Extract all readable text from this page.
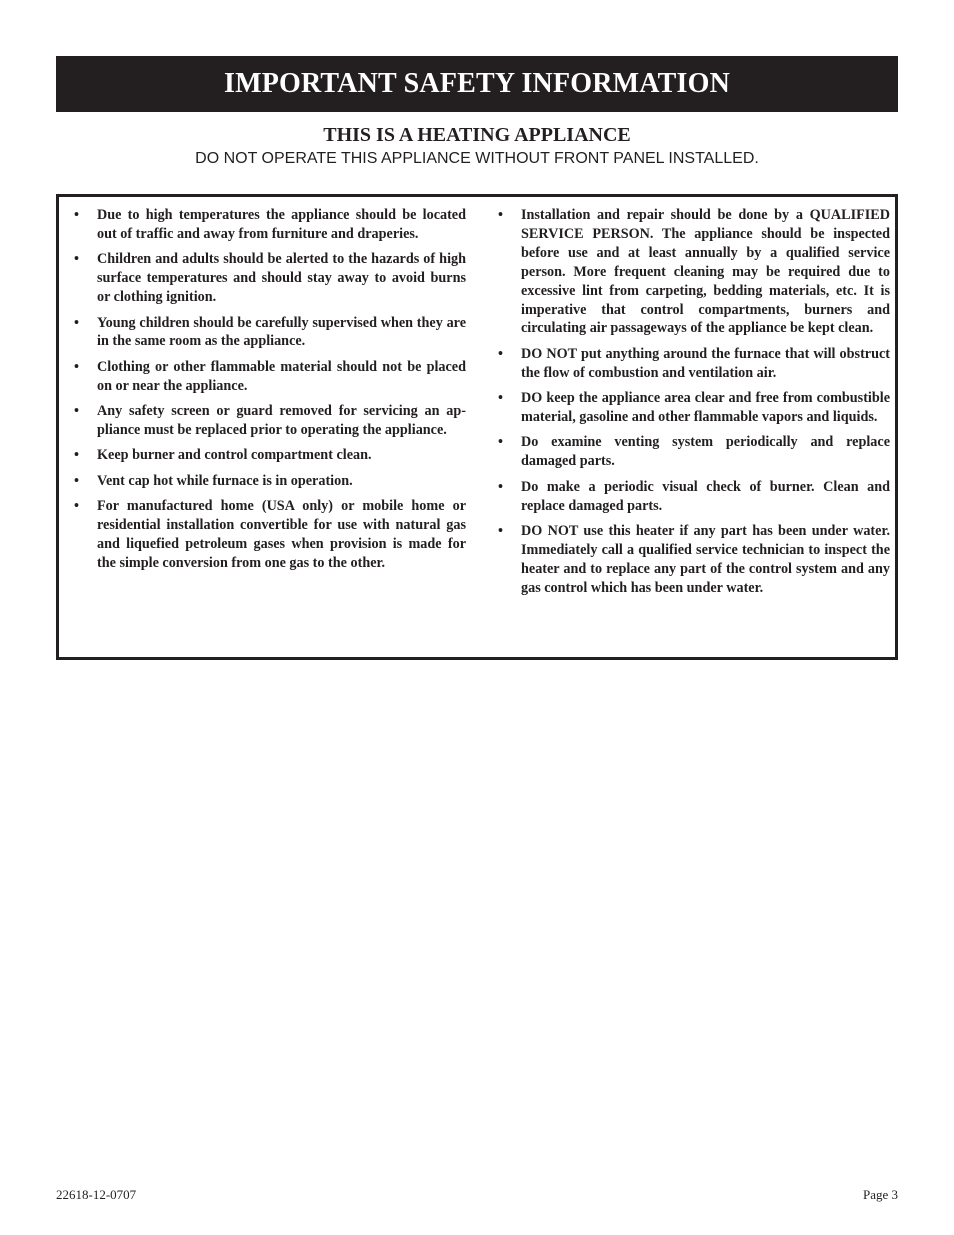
IMPORTANT SAFETY INFORMATION
THIS IS A HEATING APPLIANCE
DO NOT OPERATE THIS APPLIANCE WITHOUT FRONT PANEL INSTALLED.
• Due to high temperatures the appliance should be located out of traffic and away from furniture and draperies.
• Children and adults should be alerted to the hazards of high surface temperatures and should stay away to avoid burns or clothing ignition.
• Young children should be carefully supervised when they are in the same room as the appliance.
• Clothing or other flammable material should not be placed on or near the appliance.
• Any safety screen or guard removed for servicing an appliance must be replaced prior to operating the appliance.
• Keep burner and control compartment clean.
• Vent cap hot while furnace is in operation.
• For manufactured home (USA only) or mobile home or residential installation convertible for use with natural gas and liquefied petroleum gases when provision is made for the simple conversion from one gas to the other.
• Installation and repair should be done by a QUALIFIED SERVICE PERSON. The appliance should be inspected before use and at least annually by a qualified service person. More frequent cleaning may be required due to excessive lint from carpeting, bedding materials, etc. It is imperative that control compartments, burners and circulating air passageways of the appliance be kept clean.
• DO NOT put anything around the furnace that will obstruct the flow of combustion and ventilation air.
• DO keep the appliance area clear and free from combustible material, gasoline and other flammable vapors and liquids.
• Do examine venting system periodically and replace damaged parts.
• Do make a periodic visual check of burner. Clean and replace damaged parts.
• DO NOT use this heater if any part has been under water. Immediately call a qualified service technician to inspect the heater and to replace any part of the control system and any gas control which has been under water.
22618-12-0707	Page 3
